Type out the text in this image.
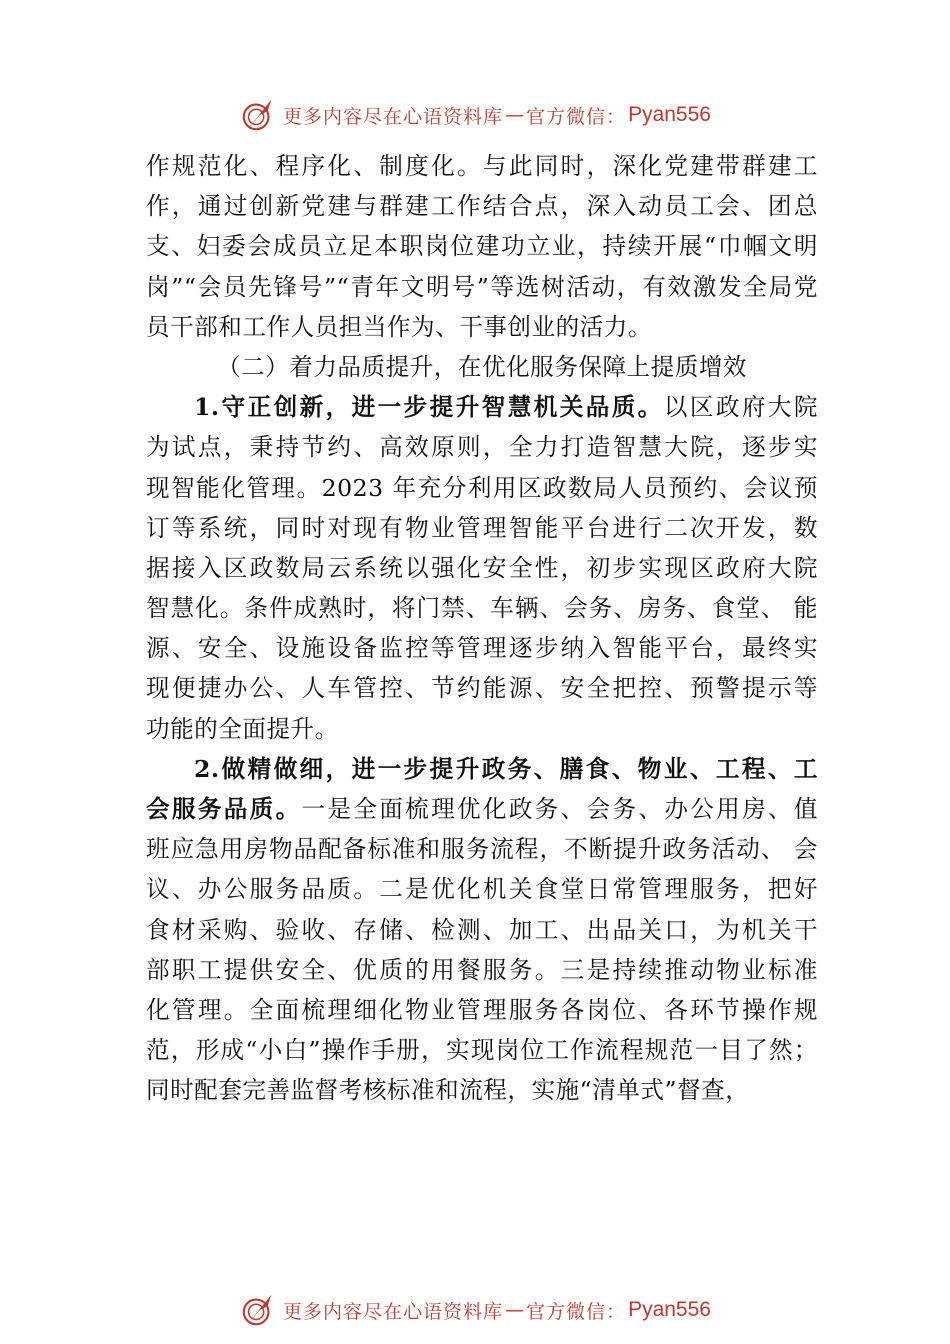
更多内容尽在心语资料库 — 官方微信： Pyan556
作规范化、程序化、制度化。与此同时，深化党建带群建工
作，通过创新党建与群建工作结合点，深入动员工会、团总
支、妇委会成员立足本职岗位建功立业，持续开展“巾帼文明
岗”“会员先锋号”“青年文明号”等选树活动，有效激发全局党
员干部和工作人员担当作为、干事创业的活力。
（二）着力品质提升，在优化服务保障上提质增效
1.守正创新，进一步提升智慧机关品质。以区政府大院
为试点，秉持节约、高效原则，全力打造智慧大院，逐步实
现智能化管理。2023 年充分利用区政数局人员预约、会议预
订等系统，同时对现有物业管理智能平台进行二次开发，数
据接入区政数局云系统以强化安全性，初步实现区政府大院
智慧化。条件成熟时，将门禁、车辆、会务、房务、食堂、 能
源、安全、设施设备监控等管理逐步纳入智能平台，最终实
现便捷办公、人车管控、节约能源、安全把控、预警提示等
功能的全面提升。
2.做精做细，进一步提升政务、膳食、物业、工程、工
会服务品质。一是全面梳理优化政务、会务、办公用房、值
班应急用房物品配备标准和服务流程，不断提升政务活动、 会
议、办公服务品质。二是优化机关食堂日常管理服务，把好
食材采购、验收、存储、检测、加工、出品关口，为机关干
部职工提供安全、优质的用餐服务。三是持续推动物业标准
化管理。全面梳理细化物业管理服务各岗位、各环节操作规
范，形成“小白”操作手册，实现岗位工作流程规范一目了然；
同时配套完善监督考核标准和流程，实施“清单式”督查，
更多内容尽在心语资料库 — 官方微信： Pyan556
